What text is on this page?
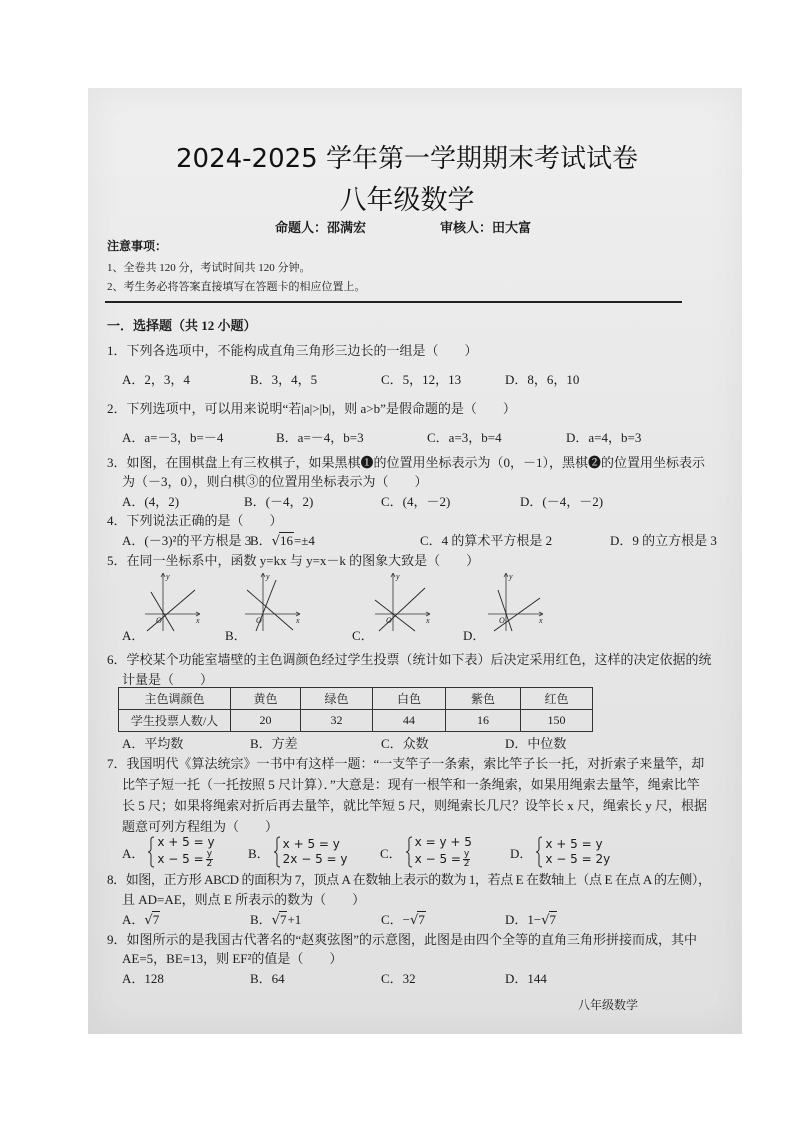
2024-2025 学年第一学期期末考试试卷
八年级数学
命题人：邵满宏	审核人：田大富
注意事项：
1、全卷共 120 分，考试时间共 120 分钟。
2、考生务必将答案直接填写在答题卡的相应位置上。
一．选择题（共 12 小题）
1．下列各选项中，不能构成直角三角形三边长的一组是（　　）
A．2，3，4	B．3，4，5	C．5，12，13	D．8，6，10
2．下列选项中，可以用来说明“若|a|>|b|，则 a>b”是假命题的是（　　）
A．a=－3，b=－4	B．a=－4，b=3	C．a=3，b=4	D．a=4，b=3
3．如图，在围棋盘上有三枚棋子，如果黑棋❶的位置用坐标表示为（0，－1），黑棋❷的位置用坐标表示
为（－3，0），则白棋③的位置用坐标表示为（　　）
A．(4，2)	B．(－4，2)	C．(4，－2)	D．(－4，－2)
4．下列说法正确的是（　　）
A．(－3)²的平方根是 3
B．√16=±4	C．4 的算术平方根是 2	D．9 的立方根是 3
5．在同一坐标系中，函数 y=kx 与 y=x－k 的图象大致是（　　）
y
x
O
y
x
O
y
x
O
y
x
O
A．	B．	C．	D．
6．学校某个功能室墙壁的主色调颜色经过学生投票（统计如下表）后决定采用红色，这样的决定依据的统
计量是（　　）
主色调颜色	黄色	绿色	白色	紫色	红色
学生投票人数/人	20	32	44	16	150
A．平均数	B．方差	C．众数	D．中位数
7．我国明代《算法统宗》一书中有这样一题：“一支竿子一条索，索比竿子长一托，对折索子来量竿，却
比竿子短一托（一托按照 5 尺计算）．”大意是：现有一根竿和一条绳索，如果用绳索去量竿，绳索比竿
长 5 尺；如果将绳索对折后再去量竿，就比竿短 5 尺，则绳索长几尺？设竿长 x 尺，绳索长 y 尺，根据
题意可列方程组为（　　）
A．
x + 5 = y
$x - 5 = \frac{y}{2}$	B．
x + 5 = y
2x − 5 = y C．
x = y + 5
$x - 5 = \frac{y}{2}$	D．
x + 5 = y
x − 5 = 2y
8．如图，正方形 ABCD 的面积为 7，顶点 A 在数轴上表示的数为 1，若点 E 在数轴上（点 E 在点 A 的左侧），
且 AD=AE，则点 E 所表示的数为（　　）
A．√7	B．√7+1	C．−√7	D．1−√7
9．如图所示的是我国古代著名的“赵爽弦图”的示意图，此图是由四个全等的直角三角形拼接而成，其中
AE=5，BE=13，则 EF²的值是（　　）
A．128	B．64	C．32	D．144
八年级数学
